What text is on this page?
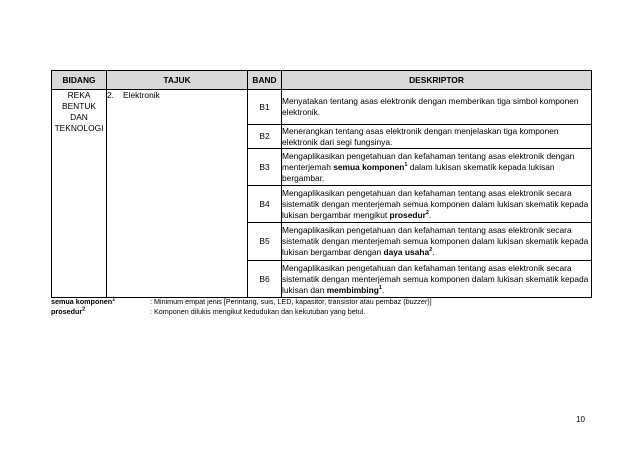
BIDANG	TAJUK	BAND	DESKRIPTOR

REKA
BENTUK
DAN
TEKNOLOGI	2. Elektronik	B1	Menyatakan tentang asas elektronik dengan memberikan tiga simbol komponen elektronik.
		B2	Menerangkan tentang asas elektronik dengan menjelaskan tiga komponen elektronik dari segi fungsinya.
		B3	Mengaplikasikan pengetahuan dan kefahaman tentang asas elektronik dengan menterjemah semua komponen$^1$ dalam lukisan skematik kepada lukisan bergambar.
		B4	Mengaplikasikan pengetahuan dan kefahaman tentang asas elektronik secara sistematik dengan menterjemah semua komponen dalam lukisan skematik kepada lukisan bergambar mengikut prosedur$^2$.
		B5	Mengaplikasikan pengetahuan dan kefahaman tentang asas elektronik secara sistematik dengan menterjemah semua komponen dalam lukisan skematik kepada lukisan bergambar dengan daya usaha$^2$.
		B6	Mengaplikasikan pengetahuan dan kefahaman tentang asas elektronik secara sistematik dengan menterjemah semua komponen dalam lukisan skematik kepada lukisan dan membimbing$^1$.
semua komponen$^1$	: Minimum empat jenis [Perintang, suis, LED, kapasitor, transistor atau pembaz (buzzer)]
prosedur$^2$	: Komponen dilukis mengikut kedudukan dan kekutuban yang betul.
10
